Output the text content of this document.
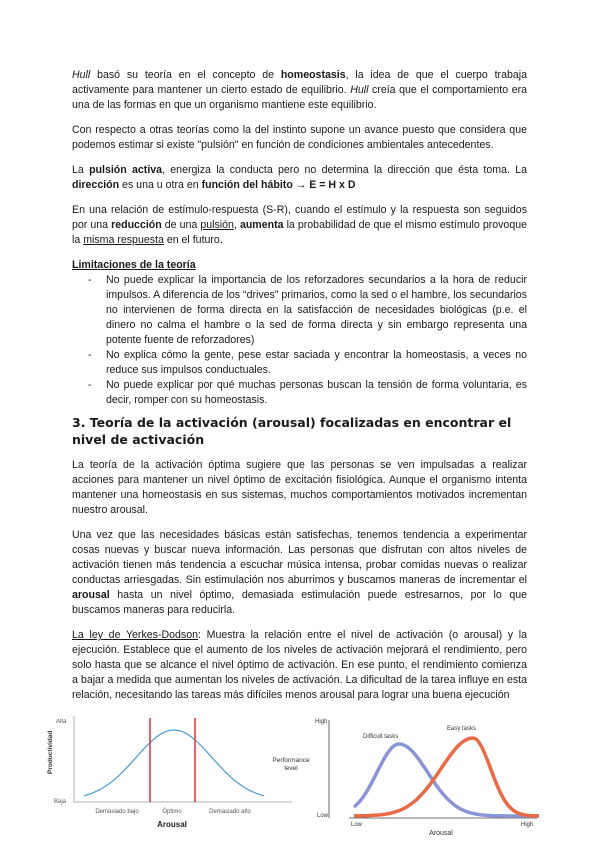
Hull basó su teoría en el concepto de homeostasis, la idea de que el cuerpo trabaja activamente para mantener un cierto estado de equilibrio. Hull creía que el comportamiento era una de las formas en que un organismo mantiene este equilibrio.

Con respecto a otras teorías como la del instinto supone un avance puesto que considera que podemos estimar si existe "pulsión" en función de condiciones ambientales antecedentes.

La pulsión activa, energiza la conducta pero no determina la dirección que ésta toma. La dirección es una u otra en función del hábito → E = H x D

En una relación de estímulo-respuesta (S-R), cuando el estímulo y la respuesta son seguidos por una reducción de una pulsión, aumenta la probabilidad de que el mismo estímulo provoque la misma respuesta en el futuro.

Limitaciones de la teoría
- No puede explicar la importancia de los reforzadores secundarios a la hora de reducir impulsos. A diferencia de los “drives” primarios, como la sed o el hambre, los secundarios no intervienen de forma directa en la satisfacción de necesidades biológicas (p.e. el dinero no calma el hambre o la sed de forma directa y sin embargo representa una potente fuente de reforzadores)
- No explica cómo la gente, pese estar saciada y encontrar la homeostasis, a veces no reduce sus impulsos conductuales.
- No puede explicar por qué muchas personas buscan la tensión de forma voluntaria, es decir, romper con su homeostasis.
3. Teoría de la activación (arousal) focalizadas en encontrar el nivel de activación

La teoría de la activación óptima sugiere que las personas se ven impulsadas a realizar acciones para mantener un nivel óptimo de excitación fisiológica. Aunque el organismo intenta mantener una homeostasis en sus sistemas, muchos comportamientos motivados incrementan nuestro arousal.

Una vez que las necesidades básicas están satisfechas, tenemos tendencia a experimentar cosas nuevas y buscar nueva información. Las personas que disfrutan con altos niveles de activación tienen más tendencia a escuchar música intensa, probar comidas nuevas o realizar conductas arriesgadas. Sin estimulación nos aburrimos y buscamos maneras de incrementar el arousal hasta un nivel óptimo, demasiada estimulación puede estresarnos, por lo que buscamos maneras para reducirla.

La ley de Yerkes-Dodson: Muestra la relación entre el nivel de activación (o arousal) y la ejecución. Establece que el aumento de los niveles de activación mejorará el rendimiento, pero solo hasta que se alcance el nivel óptimo de activación. En ese punto, el rendimiento comienza a bajar a medida que aumentan los niveles de activación. La dificultad de la tarea influye en esta relación, necesitando las tareas más difíciles menos arousal para lograr una buena ejecución

Alta
Baja
Productividad
Demasiado bajo	Óptimo	Demasiado alto
Arousal
High
Low
Performance
level
Difficult tasks
Easy tasks
Low	High
Arousal
